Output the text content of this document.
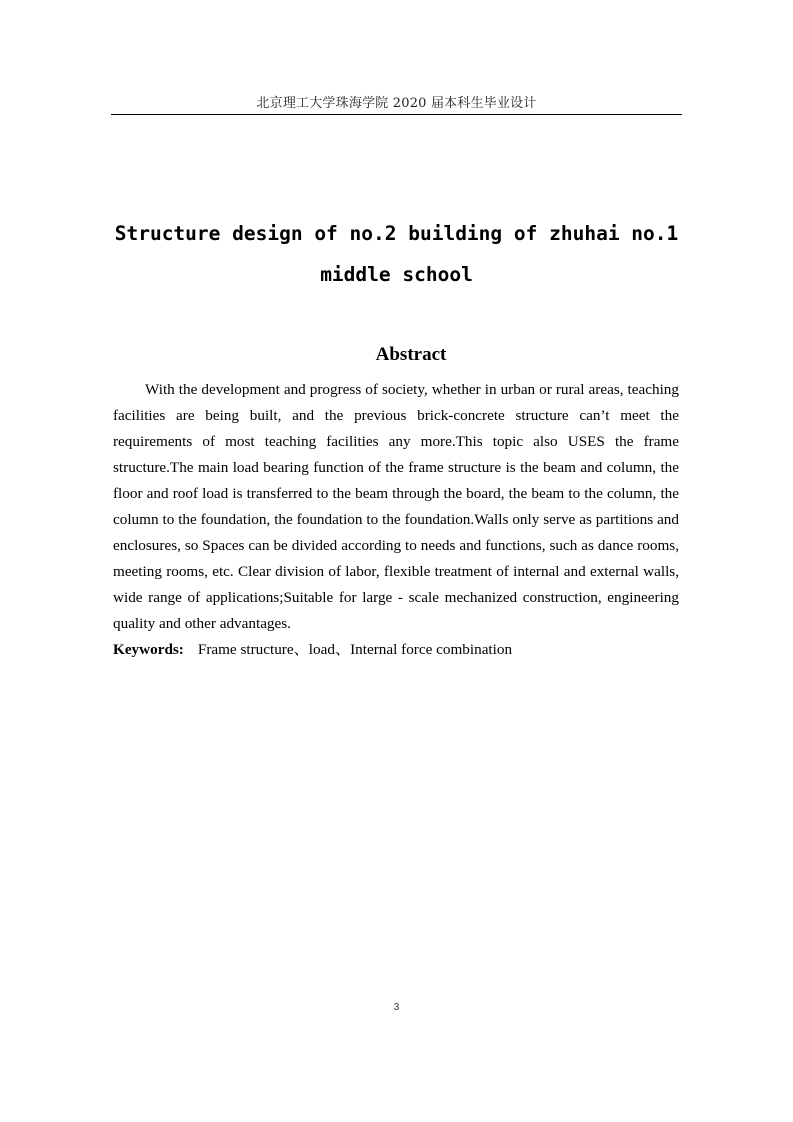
北京理工大学珠海学院 2020 届本科生毕业设计
Structure design of no.2 building of zhuhai no.1 middle school
Abstract

With the development and progress of society, whether in urban or rural areas, teaching facilities are being built, and the previous brick-concrete structure can’t meet the requirements of most teaching facilities any more.This topic also USES the frame structure.The main load bearing function of the frame structure is the beam and column, the floor and roof load is transferred to the beam through the board, the beam to the column, the column to the foundation, the foundation to the foundation.Walls only serve as partitions and enclosures, so Spaces can be divided according to needs and functions, such as dance rooms, meeting rooms, etc. Clear division of labor, flexible treatment of internal and external walls, wide range of applications;Suitable for large - scale mechanized construction, engineering quality and other advantages.

Keywords: Frame structure、load、Internal force combination

3
